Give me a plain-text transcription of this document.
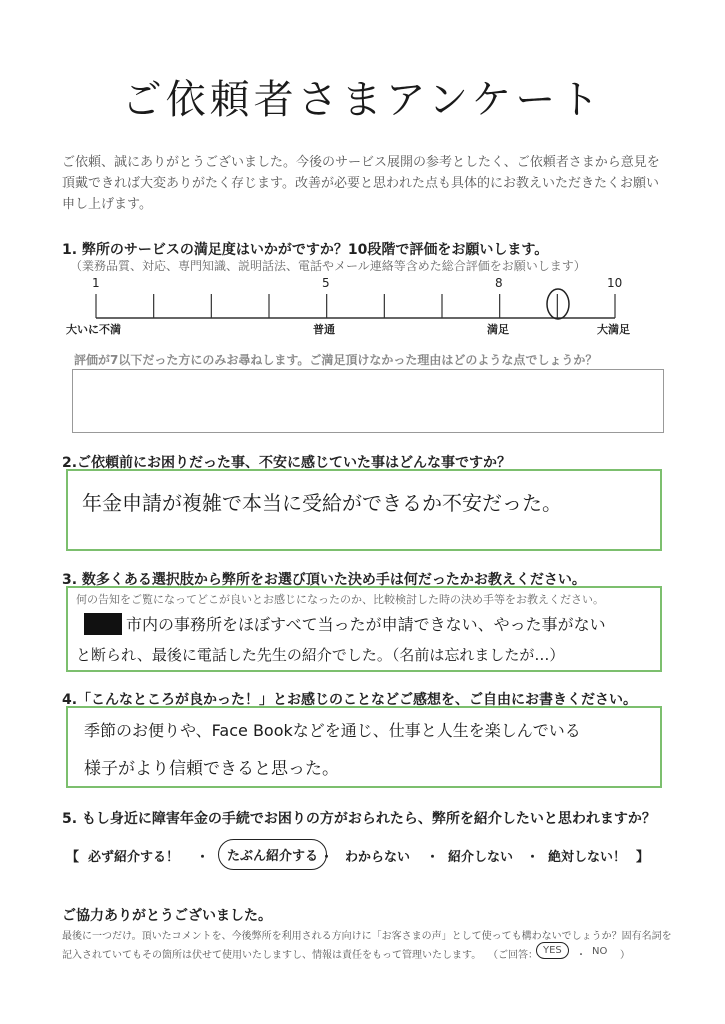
ご依頼者さまアンケート
ご依頼、誠にありがとうございました。今後のサービス展開の参考としたく、ご依頼者さまから意見を頂戴できれば大変ありがたく存じます。改善が必要と思われた点も具体的にお教えいただきたくお願い申し上げます。
1. 弊所のサービスの満足度はいかがですか？10段階で評価をお願いします。
（業務品質、対応、専門知識、説明話法、電話やメール連絡等含めた総合評価をお願いします）
1	5	8	10
大いに不満	普通	満足	大満足
評価が7以下だった方にのみお尋ねします。ご満足頂けなかった理由はどのような点でしょうか？
2.ご依頼前にお困りだった事、不安に感じていた事はどんな事ですか？
年金申請が複雑で本当に受給ができるか不安だった。
3. 数多くある選択肢から弊所をお選び頂いた決め手は何だったかお教えください。
何の告知をご覧になってどこが良いとお感じになったのか、比較検討した時の決め手等をお教えください。
市内の事務所をほぼすべて当ったが申請できない、やった事がない
と断られ、最後に電話した先生の紹介でした。（名前は忘れましたが…）
4.「こんなところが良かった！」とお感じのことなどご感想を、ご自由にお書きください。
季節のお便りや、Face Bookなどを通じ、仕事と人生を楽しんでいる
様子がより信頼できると思った。
5. もし身近に障害年金の手続でお困りの方がおられたら、弊所を紹介したいと思われますか？
【 必ず紹介する！ ・	たぶん紹介する ・ わからない ・ 紹介しない ・ 絶対しない！ 】
ご協力ありがとうございました。
最後に一つだけ。頂いたコメントを、今後弊所を利用される方向けに「お客さまの声」として使っても構わないでしょうか？固有名詞を
記入されていてもその箇所は伏せて使用いたしますし、情報は責任をもって管理いたします。 （ご回答： YES	・ NO ）
